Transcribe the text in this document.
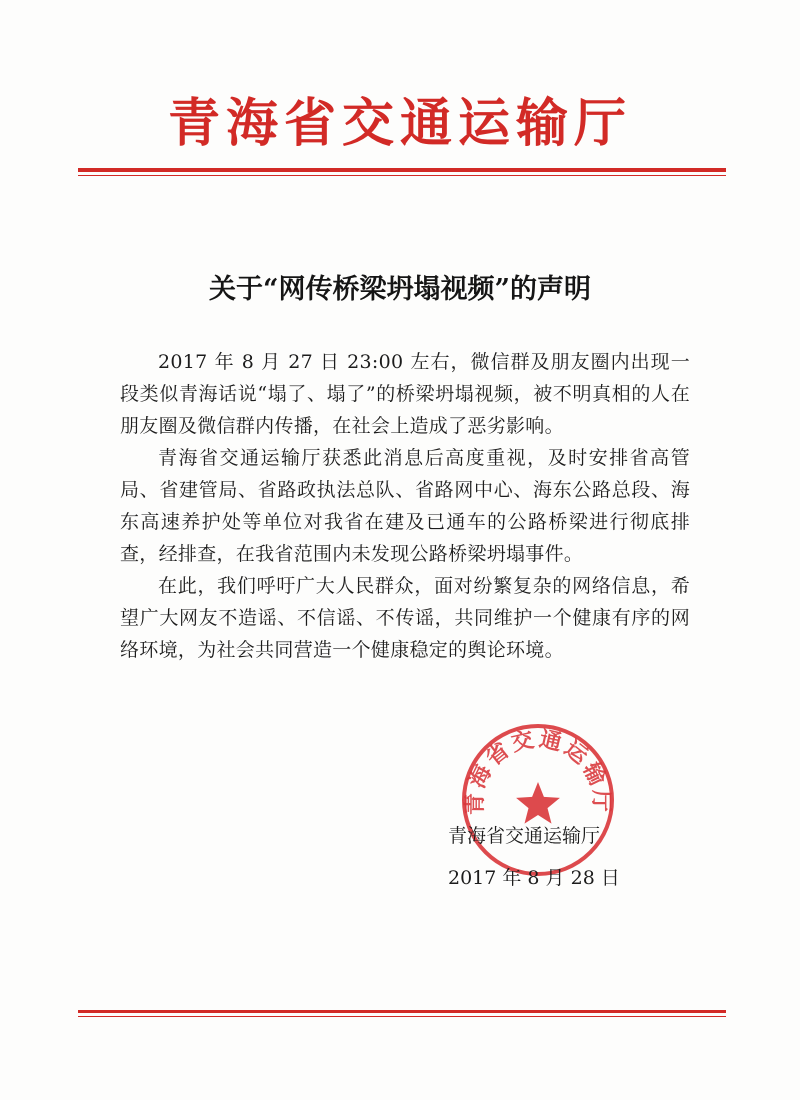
青海省交通运输厅
关于“网传桥梁坍塌视频”的声明

2017 年 8 月 27 日 23:00 左右，微信群及朋友圈内出现一段类似青海话说“塌了、塌了”的桥梁坍塌视频，被不明真相的人在朋友圈及微信群内传播，在社会上造成了恶劣影响。

青海省交通运输厅获悉此消息后高度重视，及时安排省高管局、省建管局、省路政执法总队、省路网中心、海东公路总段、海东高速养护处等单位对我省在建及已通车的公路桥梁进行彻底排查，经排查，在我省范围内未发现公路桥梁坍塌事件。

在此，我们呼吁广大人民群众，面对纷繁复杂的网络信息，希望广大网友不造谣、不信谣、不传谣，共同维护一个健康有序的网络环境，为社会共同营造一个健康稳定的舆论环境。

青海省交通运输厅
青海省交通运输厅
2017 年 8 月 28 日
